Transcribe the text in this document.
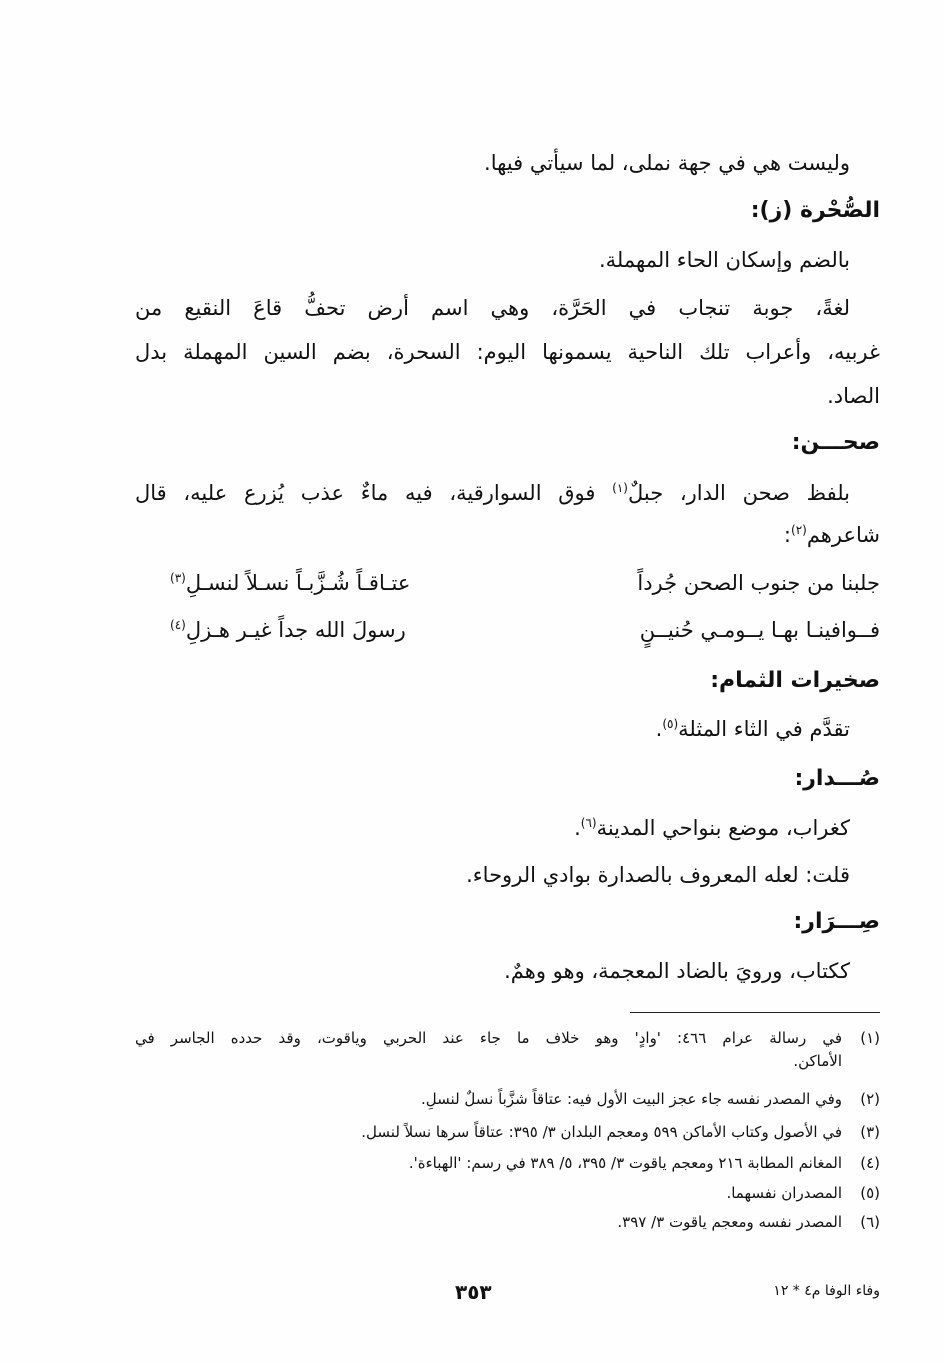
وليست هي في جهة نملى، لما سيأتي فيها.
الصُّحْرة (ز):
بالضم وإسكان الحاء المهملة.
لغةً، جوبة تنجاب في الحَرَّة، وهي اسم أرض تحفُّ قاعَ النقيع من
غربيه، وأعراب تلك الناحية يسمونها اليوم: السحرة، بضم السين المهملة بدل
الصاد.
صحـــن:
بلفظ صحن الدار، جبلٌ$^{(١)}$ فوق السوارقية، فيه ماءٌ عذب يُزرع عليه، قال
شاعرهم$^{(٢)}$:
جلبنا من جنوب الصحن جُرداً
عتـاقـاً شُـزَّبـاً نسـلاً لنسـلِ$^{(٣)}$
فــوافينـا بهـا يــومـي حُنيــنٍ
رسولَ الله جداً غيـر هـزلِ$^{(٤)}$
صخيرات الثمام:
تقدَّم في الثاء المثلة$^{(٥)}$.
صُـــدار:
كغراب، موضع بنواحي المدينة$^{(٦)}$.
قلت: لعله المعروف بالصدارة بوادي الروحاء.
صِـــرَار:
ككتاب، ورويَ بالضاد المعجمة، وهو وهمٌ.
(١)في رسالة عرام ٤٦٦: 'وادٍ' وهو خلاف ما جاء عند الحربي وياقوت، وقد حدده الجاسر في
الأماكن.
(٢)وفي المصدر نفسه جاء عجز البيت الأول فيه: عتاقاً شزَّباً نسلٌ لنسلِ.
(٣)في الأصول وكتاب الأماكن ٥٩٩ ومعجم البلدان ٣/ ٣٩٥: عتاقاً سرها نسلاً لنسل.
(٤)المغانم المطابة ٢١٦ ومعجم ياقوت ٣/ ٣٩٥، ٥/ ٣٨٩ في رسم: 'الهباءة'.
(٥)المصدران نفسهما.
(٦)المصدر نفسه ومعجم ياقوت ٣/ ٣٩٧.
٣٥٣	وفاء الوفا م٤ * ١٢
